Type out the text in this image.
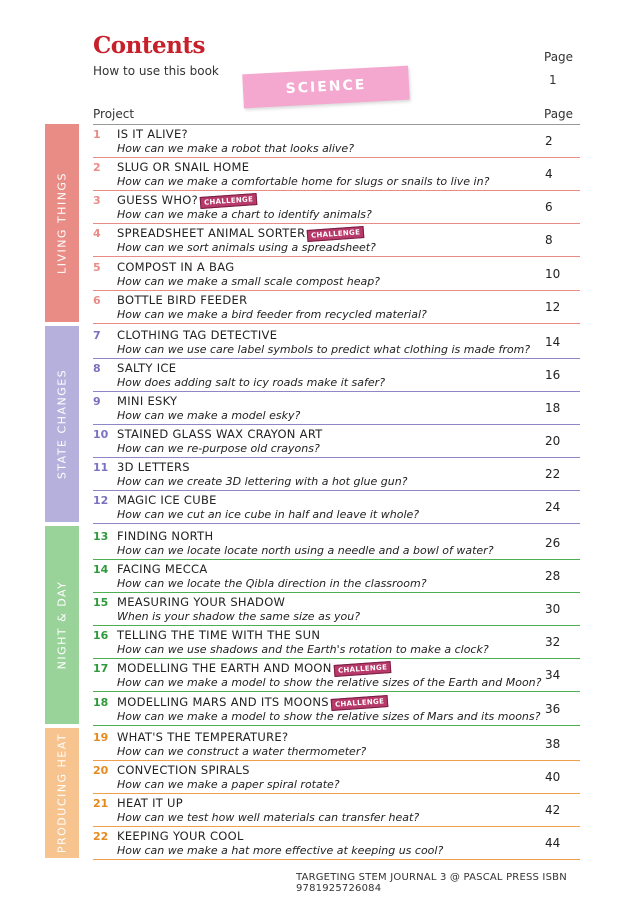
Contents
How to use this book
Page
1
SCIENCE
Project	Page
LIVING THINGS
STATE CHANGES
NIGHT & DAY
PRODUCING HEAT
1 IS IT ALIVE?
How can we make a robot that looks alive?
2
2 SLUG OR SNAIL HOME
How can we make a comfortable home for slugs or snails to live in?
4
3 GUESS WHO? CHALLENGE
How can we make a chart to identify animals?
6
4 SPREADSHEET ANIMAL SORTER CHALLENGE
How can we sort animals using a spreadsheet?
8
5 COMPOST IN A BAG
How can we make a small scale compost heap?
10
6 BOTTLE BIRD FEEDER
How can we make a bird feeder from recycled material?
12
7 CLOTHING TAG DETECTIVE
How can we use care label symbols to predict what clothing is made from?
14
8 SALTY ICE
How does adding salt to icy roads make it safer?
16
9 MINI ESKY
How can we make a model esky?
18
10 STAINED GLASS WAX CRAYON ART
How can we re-purpose old crayons?
20
11 3D LETTERS
How can we create 3D lettering with a hot glue gun?
22
12 MAGIC ICE CUBE
How can we cut an ice cube in half and leave it whole?
24
13 FINDING NORTH
How can we locate locate north using a needle and a bowl of water?
26
14 FACING MECCA
How can we locate the Qibla direction in the classroom?
28
15 MEASURING YOUR SHADOW
When is your shadow the same size as you?
30
16 TELLING THE TIME WITH THE SUN
How can we use shadows and the Earth's rotation to make a clock?
32
17 MODELLING THE EARTH AND MOON CHALLENGE
How can we make a model to show the relative sizes of the Earth and Moon?
34
18 MODELLING MARS AND ITS MOONS CHALLENGE
How can we make a model to show the relative sizes of Mars and its moons?
36
19 WHAT'S THE TEMPERATURE?
How can we construct a water thermometer?
38
20 CONVECTION SPIRALS
How can we make a paper spiral rotate?
40
21 HEAT IT UP
How can we test how well materials can transfer heat?
42
22 KEEPING YOUR COOL
How can we make a hat more effective at keeping us cool?
44
TARGETING STEM JOURNAL 3 @ PASCAL PRESS ISBN 9781925726084
